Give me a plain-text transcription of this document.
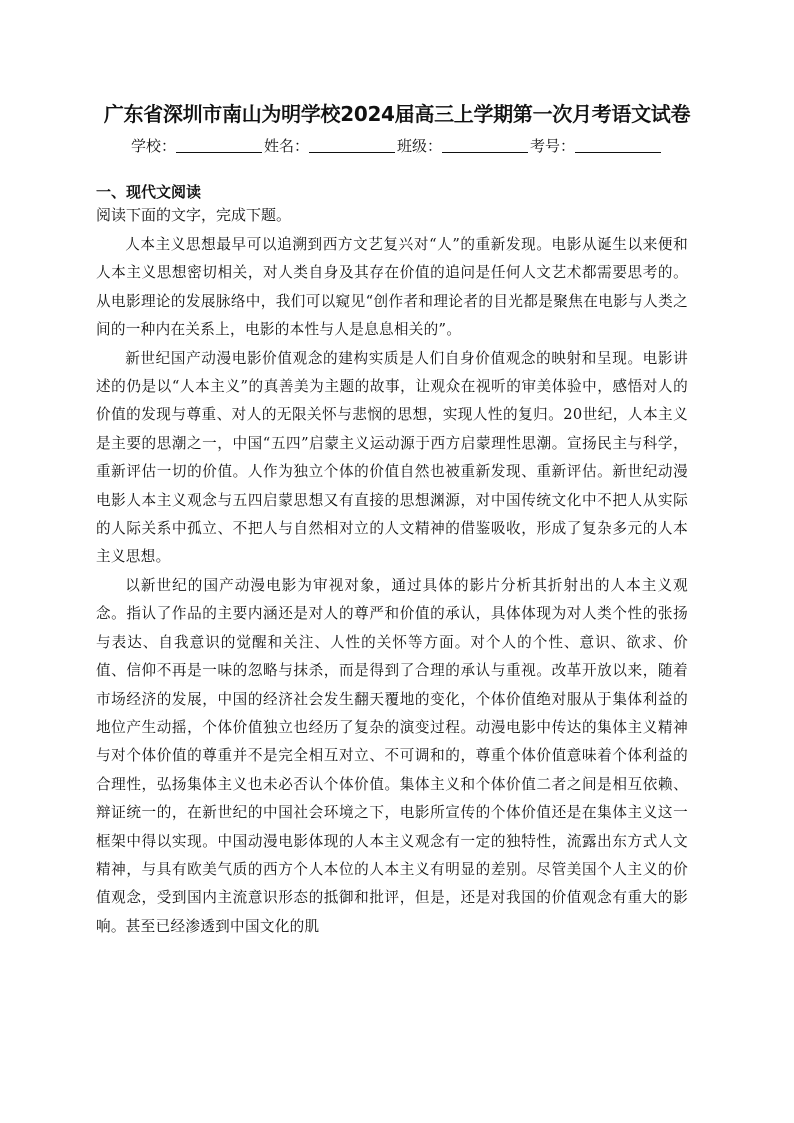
广东省深圳市南山为明学校2024届高三上学期第一次月考语文试卷
学校：	姓名：	班级：	考号：
一、现代文阅读
阅读下面的文字，完成下题。

人本主义思想最早可以追溯到西方文艺复兴对“人”的重新发现。电影从诞生以来便和人本主义思想密切相关，对人类自身及其存在价值的追问是任何人文艺术都需要思考的。从电影理论的发展脉络中，我们可以窥见“创作者和理论者的目光都是聚焦在电影与人类之间的一种内在关系上，电影的本性与人是息息相关的”。

新世纪国产动漫电影价值观念的建构实质是人们自身价值观念的映射和呈现。电影讲述的仍是以“人本主义”的真善美为主题的故事，让观众在视听的审美体验中，感悟对人的价值的发现与尊重、对人的无限关怀与悲悯的思想，实现人性的复归。20世纪，人本主义是主要的思潮之一，中国“五四”启蒙主义运动源于西方启蒙理性思潮。宣扬民主与科学，重新评估一切的价值。人作为独立个体的价值自然也被重新发现、重新评估。新世纪动漫电影人本主义观念与五四启蒙思想又有直接的思想渊源，对中国传统文化中不把人从实际的人际关系中孤立、不把人与自然相对立的人文精神的借鉴吸收，形成了复杂多元的人本主义思想。

以新世纪的国产动漫电影为审视对象，通过具体的影片分析其折射出的人本主义观念。指认了作品的主要内涵还是对人的尊严和价值的承认，具体体现为对人类个性的张扬与表达、自我意识的觉醒和关注、人性的关怀等方面。对个人的个性、意识、欲求、价值、信仰不再是一味的忽略与抹杀，而是得到了合理的承认与重视。改革开放以来，随着市场经济的发展，中国的经济社会发生翻天覆地的变化，个体价值绝对服从于集体利益的地位产生动摇，个体价值独立也经历了复杂的演变过程。动漫电影中传达的集体主义精神与对个体价值的尊重并不是完全相互对立、不可调和的，尊重个体价值意味着个体利益的合理性，弘扬集体主义也未必否认个体价值。集体主义和个体价值二者之间是相互依赖、辩证统一的，在新世纪的中国社会环境之下，电影所宣传的个体价值还是在集体主义这一框架中得以实现。中国动漫电影体现的人本主义观念有一定的独特性，流露出东方式人文精神，与具有欧美气质的西方个人本位的人本主义有明显的差别。尽管美国个人主义的价值观念，受到国内主流意识形态的抵御和批评，但是，还是对我国的价值观念有重大的影响。甚至已经渗透到中国文化的肌
